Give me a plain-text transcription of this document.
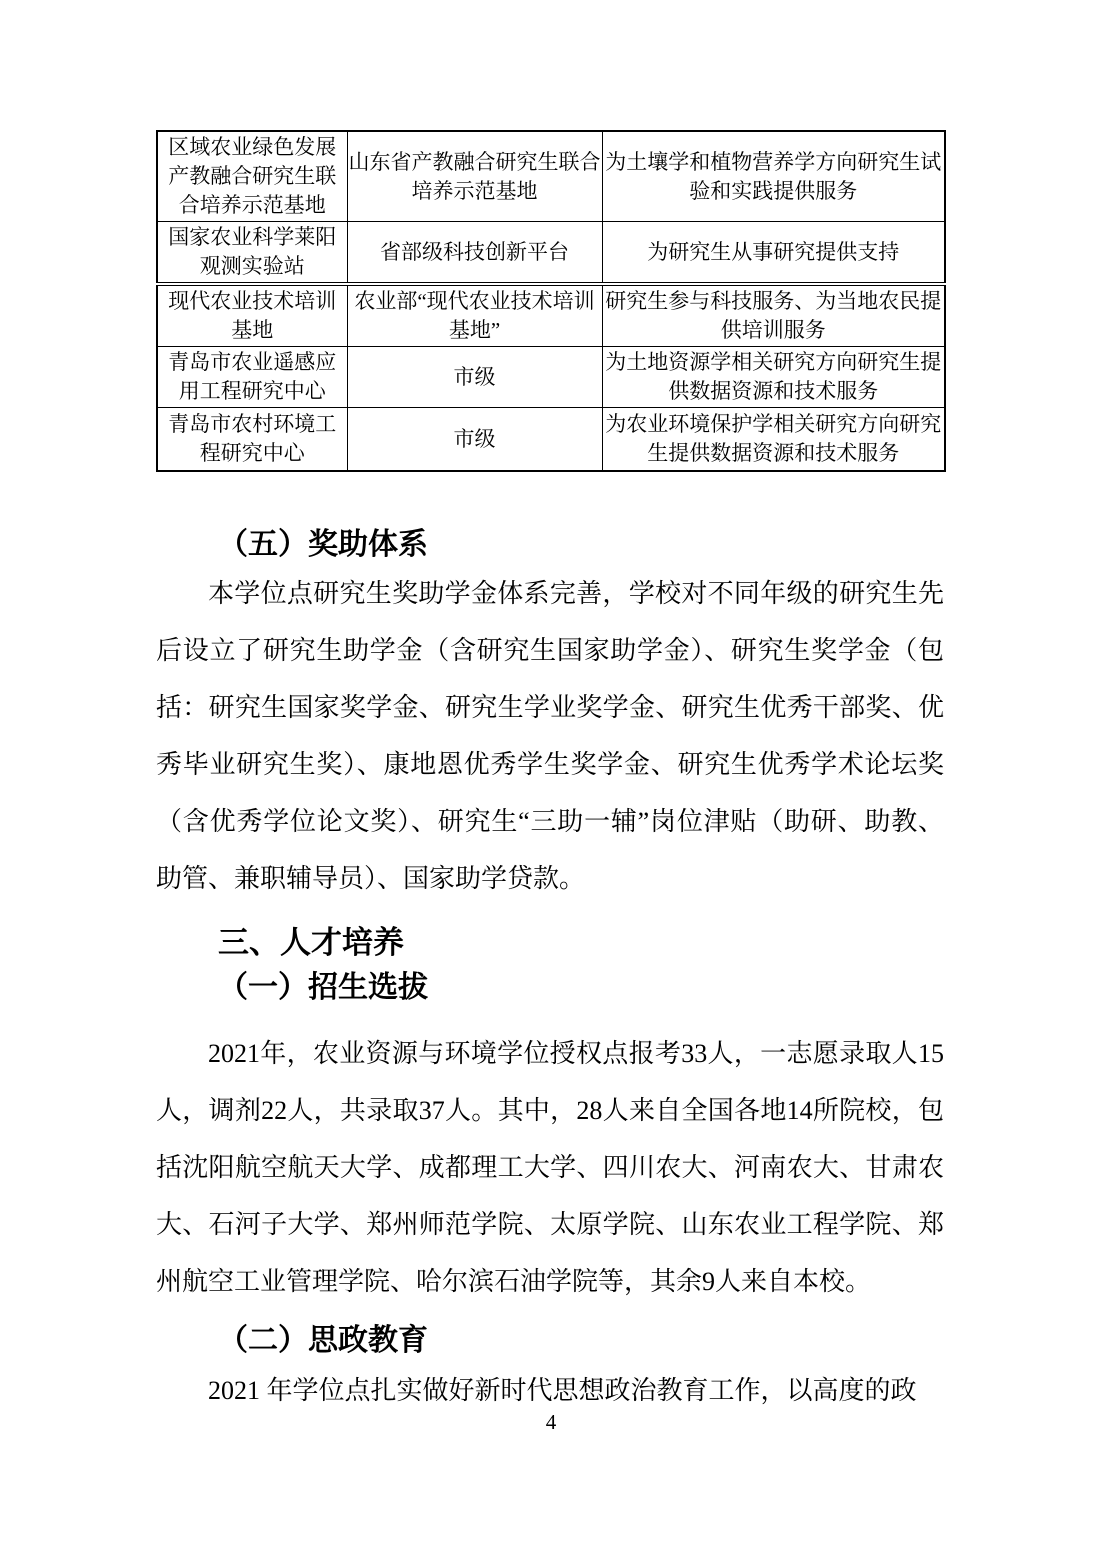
区域农业绿色发展产教融合研究生联合培养示范基地	山东省产教融合研究生联合培养示范基地	为土壤学和植物营养学方向研究生试验和实践提供服务
国家农业科学莱阳观测实验站	省部级科技创新平台	为研究生从事研究提供支持
现代农业技术培训基地	农业部“现代农业技术培训基地”	研究生参与科技服务、为当地农民提供培训服务
青岛市农业遥感应用工程研究中心	市级	为土地资源学相关研究方向研究生提供数据资源和技术服务
青岛市农村环境工程研究中心	市级	为农业环境保护学相关研究方向研究生提供数据资源和技术服务
（五）奖助体系
本学位点研究生奖助学金体系完善，学校对不同年级的研究生先
后设立了研究生助学金（含研究生国家助学金）、研究生奖学金（包
括：研究生国家奖学金、研究生学业奖学金、研究生优秀干部奖、优
秀毕业研究生奖）、康地恩优秀学生奖学金、研究生优秀学术论坛奖
（含优秀学位论文奖）、研究生“三助一辅”岗位津贴（助研、助教、
助管、兼职辅导员）、国家助学贷款。
三、人才培养
（一）招生选拔
2021年，农业资源与环境学位授权点报考33人，一志愿录取人15
人，调剂22人，共录取37人。其中，28人来自全国各地14所院校，包
括沈阳航空航天大学、成都理工大学、四川农大、河南农大、甘肃农
大、石河子大学、郑州师范学院、太原学院、山东农业工程学院、郑
州航空工业管理学院、哈尔滨石油学院等，其余9人来自本校。
（二）思政教育
2021 年学位点扎实做好新时代思想政治教育工作，以高度的政
4
